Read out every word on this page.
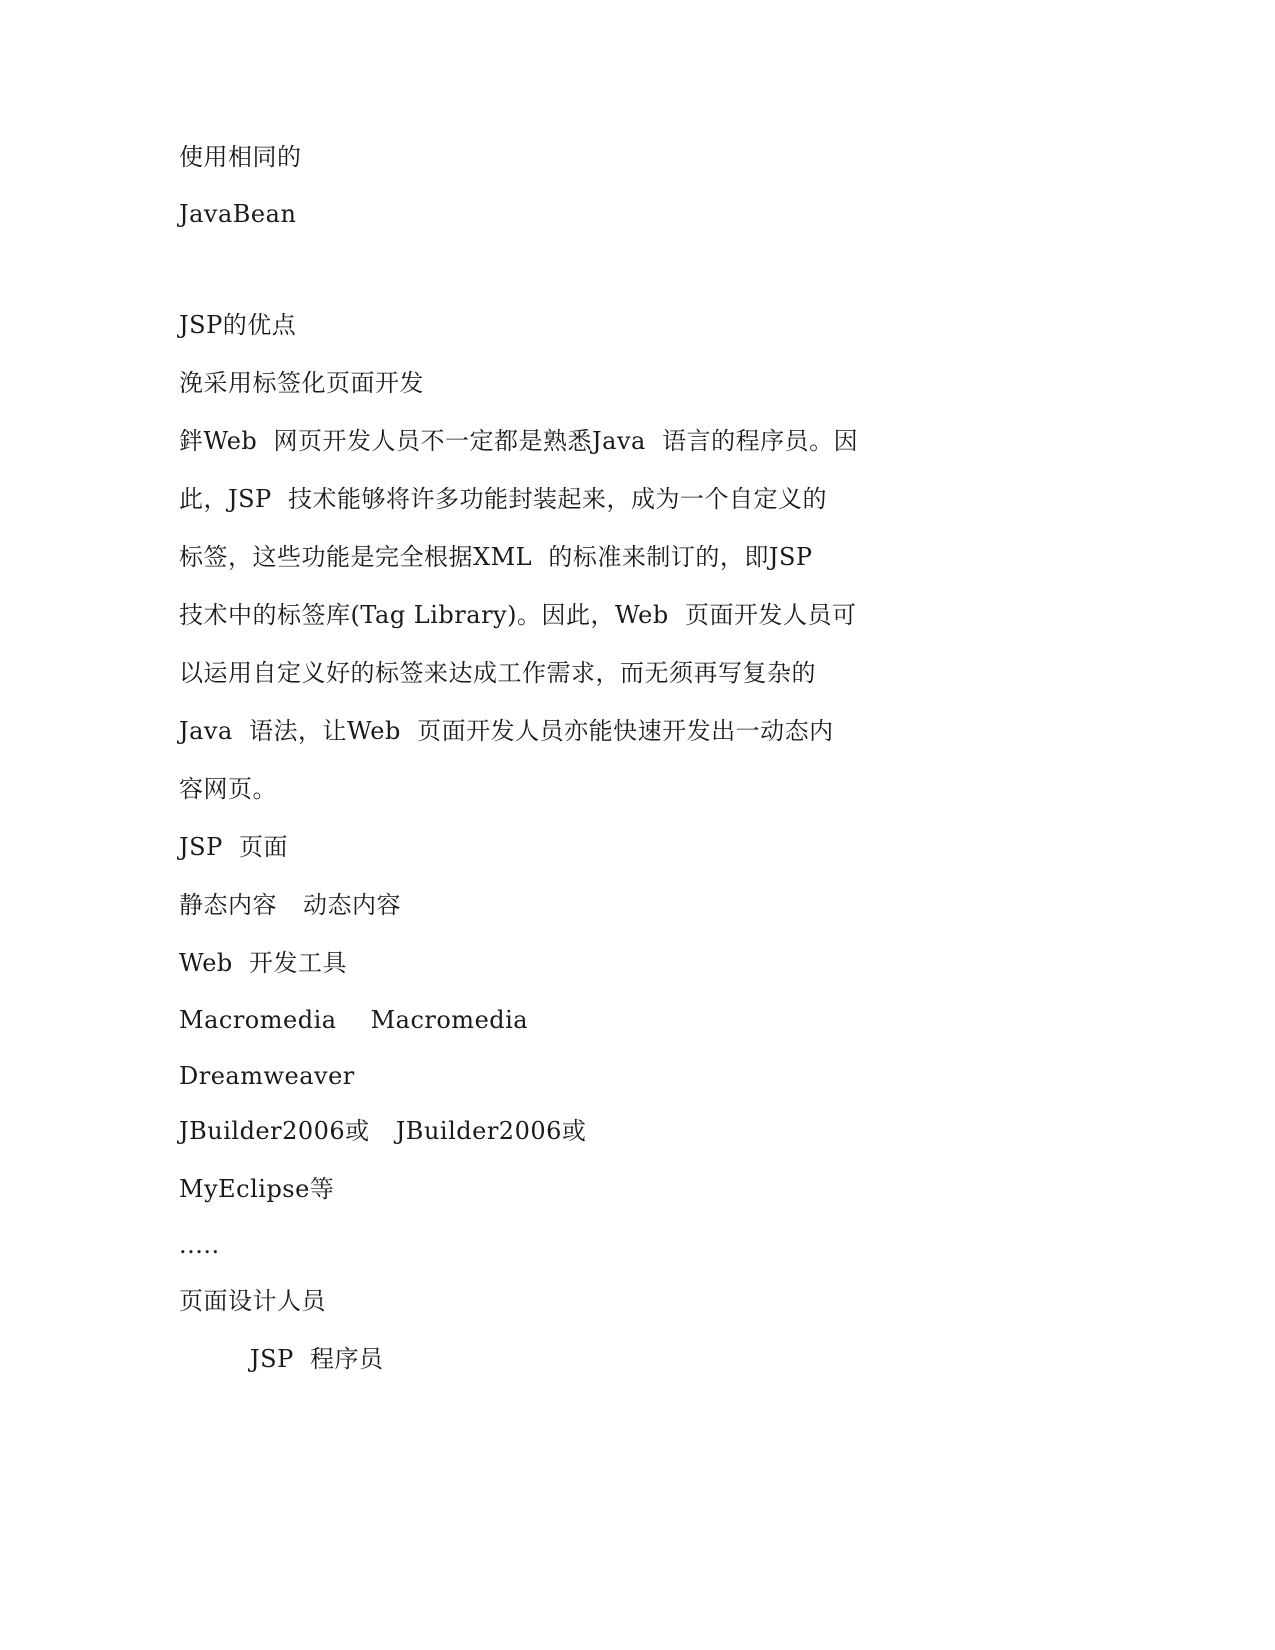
使用相同的
JavaBean
JSP的优点
浼采用标签化页面开发
鉡Web  网页开发人员不一定都是熟悉Java  语言的程序员。因
此，JSP  技术能够将许多功能封装起来，成为一个自定义的
标签，这些功能是完全根据XML  的标准来制订的，即JSP
技术中的标签库(Tag Library)。因此，Web  页面开发人员可
以运用自定义好的标签来达成工作需求，而无须再写复杂的
Java  语法，让Web  页面开发人员亦能快速开发出一动态内
容网页。
JSP  页面
静态内容 动态内容
Web  开发工具
Macromedia Macromedia
Dreamweaver
JBuilder2006或 JBuilder2006或
MyEclipse等
.....
页面设计人员
JSP  程序员
